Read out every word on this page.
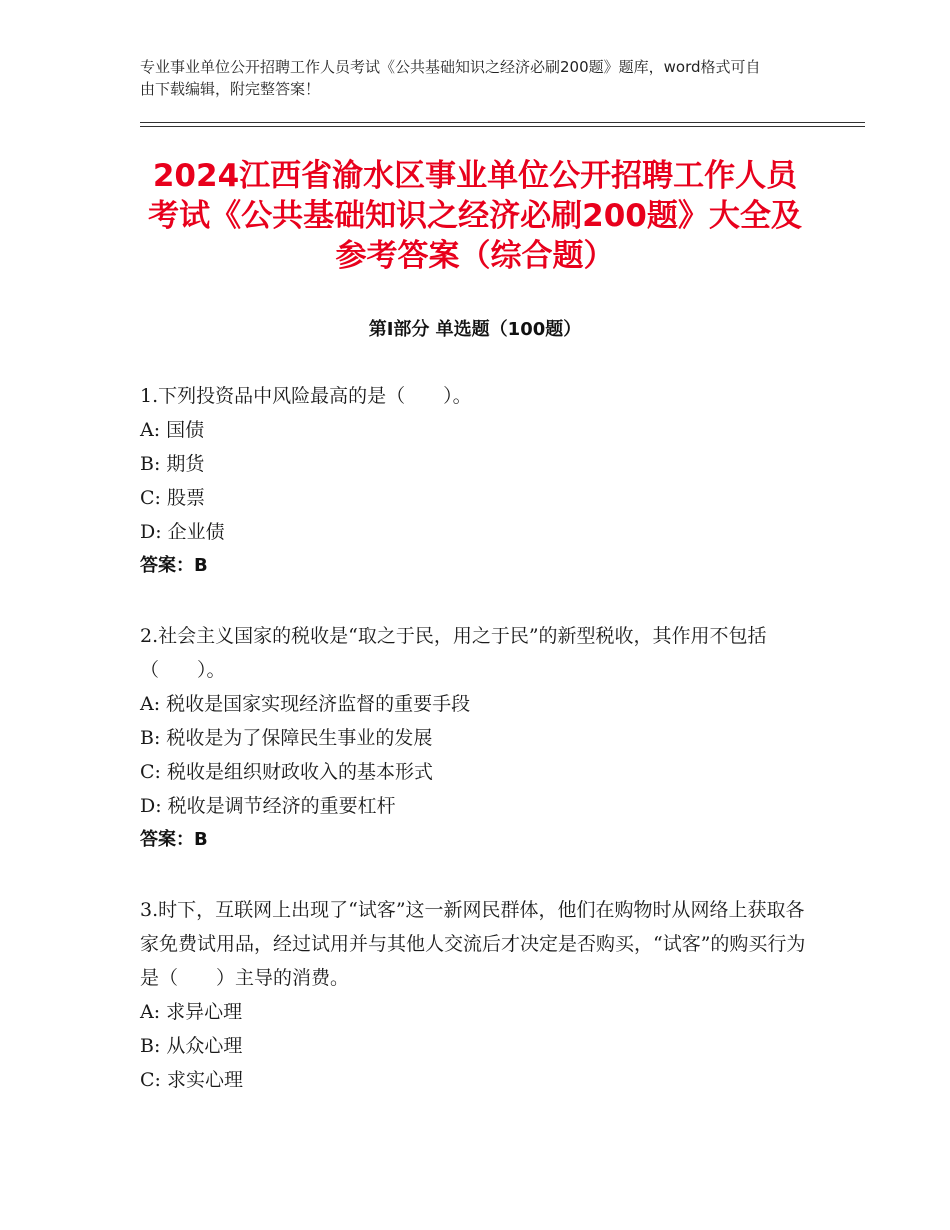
专业事业单位公开招聘工作人员考试《公共基础知识之经济必刷200题》题库，word格式可自由下载编辑，附完整答案！
2024江西省渝水区事业单位公开招聘工作人员考试《公共基础知识之经济必刷200题》大全及参考答案（综合题）
第Ⅰ部分 单选题（100题）
1.下列投资品中风险最高的是（　　）。
A: 国债
B: 期货
C: 股票
D: 企业债
答案：B
2.社会主义国家的税收是“取之于民，用之于民”的新型税收，其作用不包括（　　）。
A: 税收是国家实现经济监督的重要手段
B: 税收是为了保障民生事业的发展
C: 税收是组织财政收入的基本形式
D: 税收是调节经济的重要杠杆
答案：B
3.时下，互联网上出现了“试客”这一新网民群体，他们在购物时从网络上获取各家免费试用品，经过试用并与其他人交流后才决定是否购买，“试客”的购买行为是（　　）主导的消费。
A: 求异心理
B: 从众心理
C: 求实心理
